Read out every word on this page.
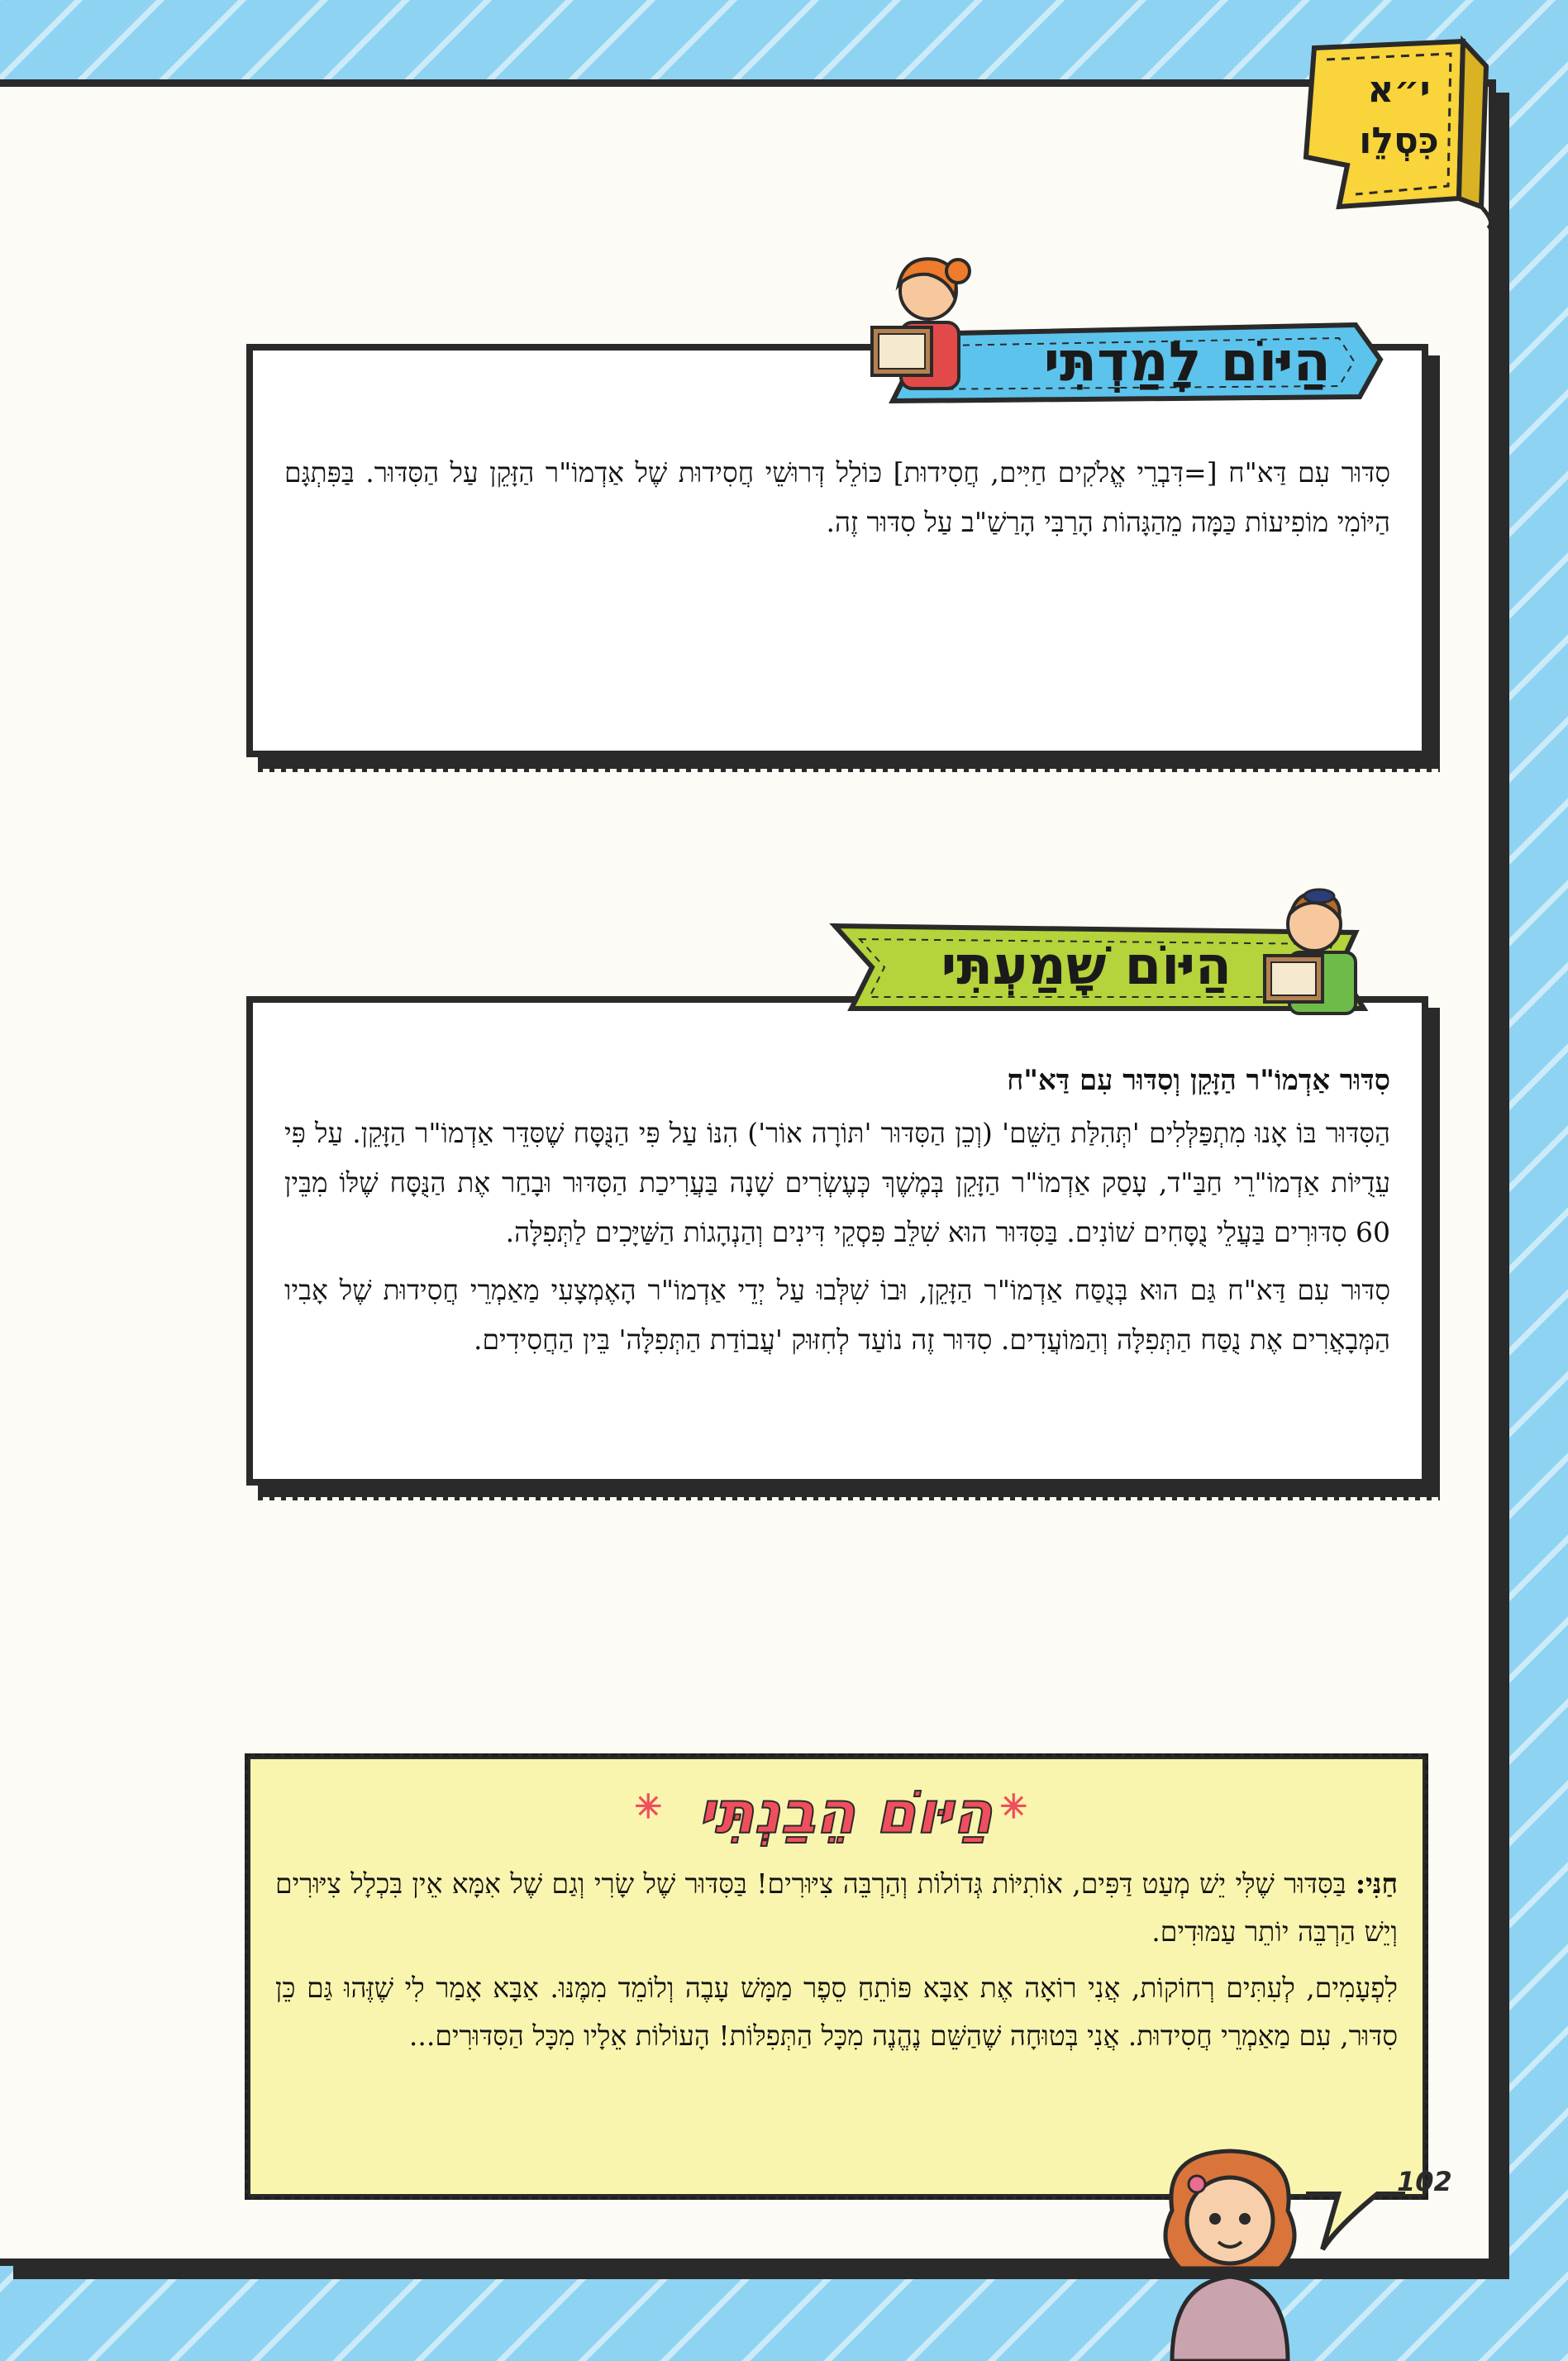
י״א
כִּסְלֵו
הַיּוֹם לָמַדְתִּי

סִדּוּר עִם דַּא"ח [=דִּבְרֵי אֱלֹקִים חַיִּים, חֲסִידוּת] כּוֹלֵל דְּרוּשֵׁי חֲסִידוּת שֶׁל אַדְמוֹ"ר הַזָּקֵן עַל הַסִּדּוּר. בַּפִּתְגָּם הַיּוֹמִי מוֹפִיעוֹת כַּמָּה מֵהַגָּהוֹת הָרַבִּי הָרַשַׁ"ב עַל סִדּוּר זֶה.

הַיּוֹם שָׁמַעְתִּי

סִדּוּר אַדְמוֹ"ר הַזָּקֵן וְסִדּוּר עִם דַּא"ח

הַסִּדּוּר בּוֹ אָנוּ מִתְפַּלְּלִים 'תְּהִלַּת הַשֵּׁם' (וְכֵן הַסִּדּוּר 'תּוֹרָה אוֹר') הִנּוֹ עַל פִּי הַנֻּסָּח שֶׁסִּדֵּר אַדְמוֹ"ר הַזָּקֵן. עַל פִּי עֵדֻיּוֹת אַדְמוֹ"רֵי חַבַּ"ד, עָסַק אַדְמוֹ"ר הַזָּקֵן בְּמֶשֶׁךְ כְּעֶשְׂרִים שָׁנָה בַּעֲרִיכַת הַסִּדּוּר וּבָחַר אֶת הַנֻּסָּח שֶׁלּוֹ מִבֵּין 60 סִדּוּרִים בַּעֲלֵי נֻסָּחִים שׁוֹנִים. בַּסִּדּוּר הוּא שִׁלֵּב פִּסְקֵי דִּינִים וְהַנְהָגוֹת הַשַּׁיָּכִים לַתְּפִלָּה.

סִדּוּר עִם דַּא"ח גַּם הוּא בְּנֻסַּח אַדְמוֹ"ר הַזָּקֵן, וּבוֹ שִׁלְּבוּ עַל יְדֵי אַדְמוֹ"ר הָאֶמְצָעִי מַאַמְרֵי חֲסִידוּת שֶׁל אָבִיו הַמְּבָאֲרִים אֶת נֻסַּח הַתְּפִלָּה וְהַמּוֹעֲדִים. סִדּוּר זֶה נוֹעַד לְחִזּוּק 'עֲבוֹדַת הַתְּפִלָּה' בֵּין הַחֲסִידִים.

✳
✳ הַיּוֹם הֵבַנְתִּי

חַנִּי: בַּסִּדּוּר שֶׁלִּי יֵשׁ מְעַט דַּפִּים, אוֹתִיּוֹת גְּדוֹלוֹת וְהַרְבֵּה צִיּוּרִים! בַּסִּדּוּר שֶׁל שָׂרִי וְגַם שֶׁל אִמָּא אֵין בִּכְלָל צִיּוּרִים וְיֵשׁ הַרְבֵּה יוֹתֵר עַמּוּדִים.

לִפְעָמִים, לְעִתִּים רְחוֹקוֹת, אֲנִי רוֹאָה אֶת אַבָּא פּוֹתֵחַ סֵפֶר מַמָּשׁ עָבֶה וְלוֹמֵד מִמֶּנּוּ. אַבָּא אָמַר לִי שֶׁזֶּהוּ גַּם כֵּן סִדּוּר, עִם מַאַמְרֵי חֲסִידוּת. אֲנִי בְּטוּחָה שֶׁהַשֵּׁם נֶהֱנֶה מִכָּל הַתְּפִלּוֹת! הָעוֹלוֹת אֵלָיו מִכָּל הַסִּדּוּרִים...

102
